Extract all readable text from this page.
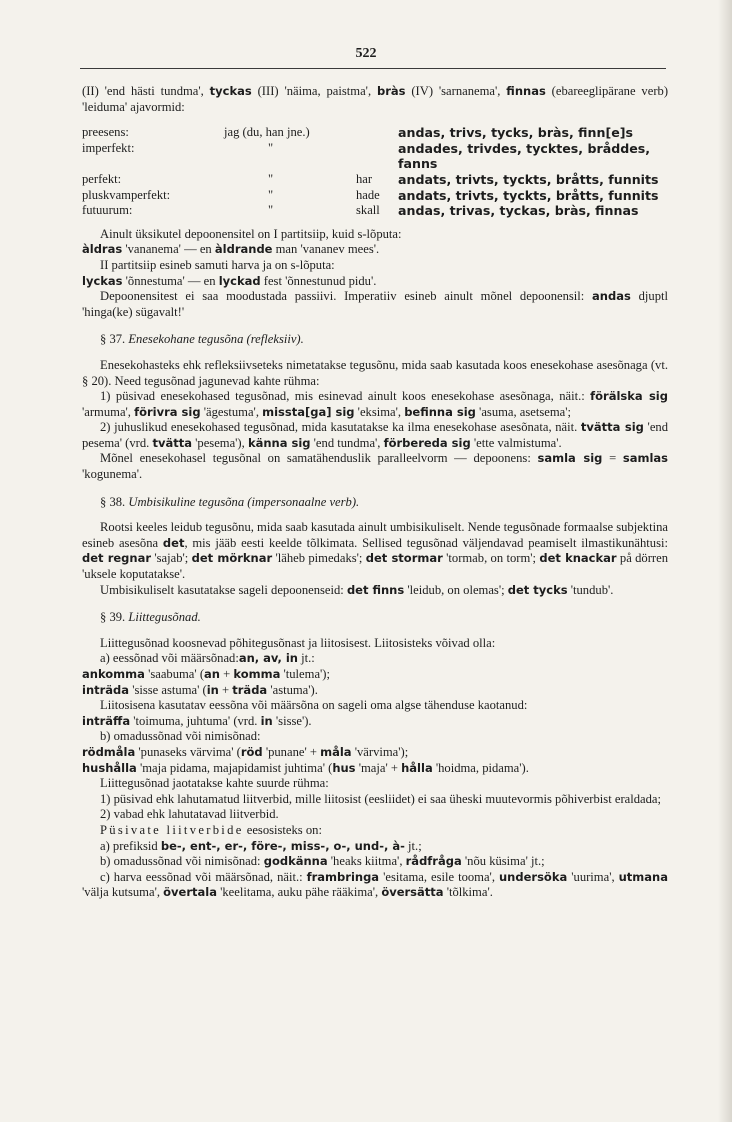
522

(II) 'end hästi tundma', tyckas (III) 'näima, paistma', bràs (IV) 'sarnanema', finnas (ebareeglipärane verb) 'leiduma' ajavormid:

preesens:	jag (du, han jne.)			andas, trivs, tycks, bràs, finn[e]s
imperfekt:		"		andades, trivdes, tycktes, bråddes, fanns
perfekt:		"	har	andats, trivts, tyckts, bråtts, funnits
pluskvamperfekt:		"	hade	andats, trivts, tyckts, bråtts, funnits
futuurum:		"	skall	andas, trivas, tyckas, bràs, finnas

Ainult üksikutel depoonensitel on I partitsiip, kuid s-lõputa:

àldras 'vananema' — en àldrande man 'vananev mees'.

II partitsiip esineb samuti harva ja on s-lõputa:

lyckas 'õnnestuma' — en lyckad fest 'õnnestunud pidu'.

Depoonensitest ei saa moodustada passiivi. Imperatiiv esineb ainult mõnel depoonensil: andas djuptl 'hinga(ke) sügavalt!'

§ 37. Enesekohane tegusõna (refleksiiv).

Enesekohasteks ehk refleksiivseteks nimetatakse tegusõnu, mida saab kasutada koos enesekohase asesõnaga (vt. § 20). Need tegusõnad jagunevad kahte rühma:

1) püsivad enesekohased tegusõnad, mis esinevad ainult koos enesekohase asesõnaga, näit.: förälska sig 'armuma', förivra sig 'ägestuma', missta[ga] sig 'eksima', befinna sig 'asuma, asetsema';

2) juhuslikud enesekohased tegusõnad, mida kasutatakse ka ilma enesekohase asesõnata, näit. tvätta sig 'end pesema' (vrd. tvätta 'pesema'), känna sig 'end tundma', förbereda sig 'ette valmistuma'.

Mõnel enesekohasel tegusõnal on samatähenduslik paralleelvorm — depoonens: samla sig = samlas 'kogunema'.

§ 38. Umbisikuline tegusõna (impersonaalne verb).

Rootsi keeles leidub tegusõnu, mida saab kasutada ainult umbisikuliselt. Nende tegusõnade formaalse subjektina esineb asesõna det, mis jääb eesti keelde tõlkimata. Sellised tegusõnad väljendavad peamiselt ilmastikunähtusi: det regnar 'sajab'; det mörknar 'läheb pimedaks'; det stormar 'tormab, on torm'; det knackar på dörren 'uksele koputatakse'.

Umbisikuliselt kasutatakse sageli depoonenseid: det finns 'leidub, on olemas'; det tycks 'tundub'.

§ 39. Liittegusõnad.

Liittegusõnad koosnevad põhitegusõnast ja liitosisest. Liitosisteks võivad olla:

a) eessõnad või määrsõnad:an, av, in jt.:

ankomma 'saabuma' (an + komma 'tulema');

inträda 'sisse astuma' (in + träda 'astuma').

Liitosisena kasutatav eessõna või määrsõna on sageli oma algse tähenduse kaotanud:

inträffa 'toimuma, juhtuma' (vrd. in 'sisse').

b) omadussõnad või nimisõnad:

rödmåla 'punaseks värvima' (röd 'punane' + måla 'värvima');

hushålla 'maja pidama, majapidamist juhtima' (hus 'maja' + hålla 'hoidma, pidama').

Liittegusõnad jaotatakse kahte suurde rühma:

1) püsivad ehk lahutamatud liitverbid, mille liitosist (eesliidet) ei saa üheski muutevormis põhiverbist eraldada;

2) vabad ehk lahutatavad liitverbid.

Püsivate liitverbide eesosisteks on:

a) prefiksid be-, ent-, er-, före-, miss-, o-, und-, à- jt.;

b) omadussõnad või nimisõnad: godkänna 'heaks kiitma', rådfråga 'nõu küsima' jt.;

c) harva eessõnad või määrsõnad, näit.: frambringa 'esitama, esile tooma', undersöka 'uurima', utmana 'välja kutsuma', övertala 'keelitama, auku pähe rääkima', översätta 'tõlkima'.
